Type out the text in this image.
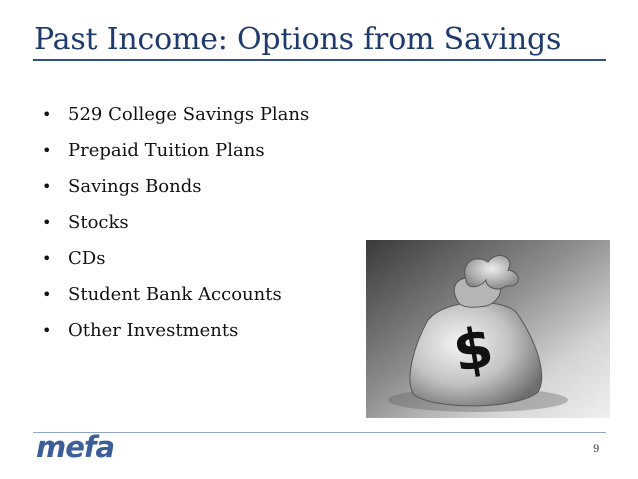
Past Income: Options from Savings
• 529 College Savings Plans
• Prepaid Tuition Plans
• Savings Bonds
• Stocks
• CDs
• Student Bank Accounts
• Other Investments	$
mefa	9
